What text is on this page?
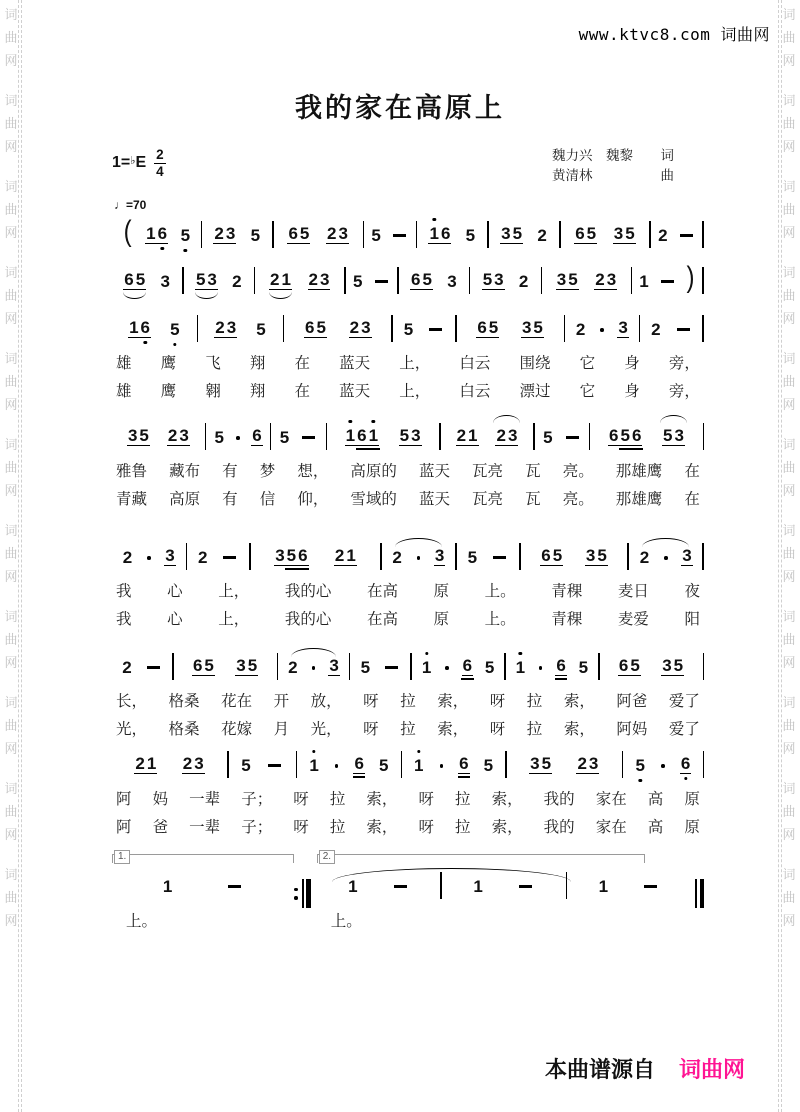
词
曲
网
词
曲
网
词
曲
网
词
曲
网
词
曲
网
词
曲
网
词
曲
网
词
曲
网
词
曲
网
词
曲
网
词
曲
网
词
曲
网
词
曲
网
词
曲
网
词
曲
网
词
曲
网
词
曲
网
词
曲
网
词
曲
网
词
曲
网
词
曲
网
词
曲
网
www.ktvc8.com 词曲网
我的家在高原上
$1=^♭E \frac{2}{4}$	魏力兴　魏黎 词
黄清林	曲
♩=70
( 1 6 5 2 3 5 6 5 2 3 5	1 6 5 3 5 2 6 5 3 5 2
6 5 3 5 3 2 2 1 2 3 5	6 5 3 5 3 2 3 5 2 3 1 )
1 6 5 2 3 5 6 5 2 3 5	6 5 3 5 2 3 2
雄 鹰 飞 翔 在 蓝天 上， 白云 围绕 它 身 旁，
雄 鹰 翱 翔 在 蓝天 上， 白云 漂过 它 身 旁，
3 5 2 3 5 6 5	1 6 1 5 3 2 1 2 3 5	6 5 6 5 3
雅鲁 藏布 有 梦 想， 高原的 蓝天 瓦亮 瓦 亮。 那雄鹰 在
青藏 高原 有 信 仰， 雪域的 蓝天 瓦亮 瓦 亮。 那雄鹰 在
2 3 2	3 5 6 2 1 2 3 5	6 5 3 5 2 3
我 心 上， 我的心 在高 原 上。 青稞 麦日 夜
我 心 上， 我的心 在高 原 上。 青稞 麦爱 阳
2	6 5 3 5 2 3 5	1 6 5 1 6 5 6 5 3 5
长， 格桑 花在 开 放， 呀 拉 索， 呀 拉 索， 阿爸 爱了
光， 格桑 花嫁 月 光， 呀 拉 索， 呀 拉 索， 阿妈 爱了
2 1 2 3 5	1 6 5 1 6 5 3 5 2 3 5 6
阿 妈 一辈 子； 呀 拉 索， 呀 拉 索， 我的 家在 高 原
阿 爸 一辈 子； 呀 拉 索， 呀 拉 索， 我的 家在 高 原
1.
1
上。
2.
1	1	1
上。
本曲谱源自 词曲网
